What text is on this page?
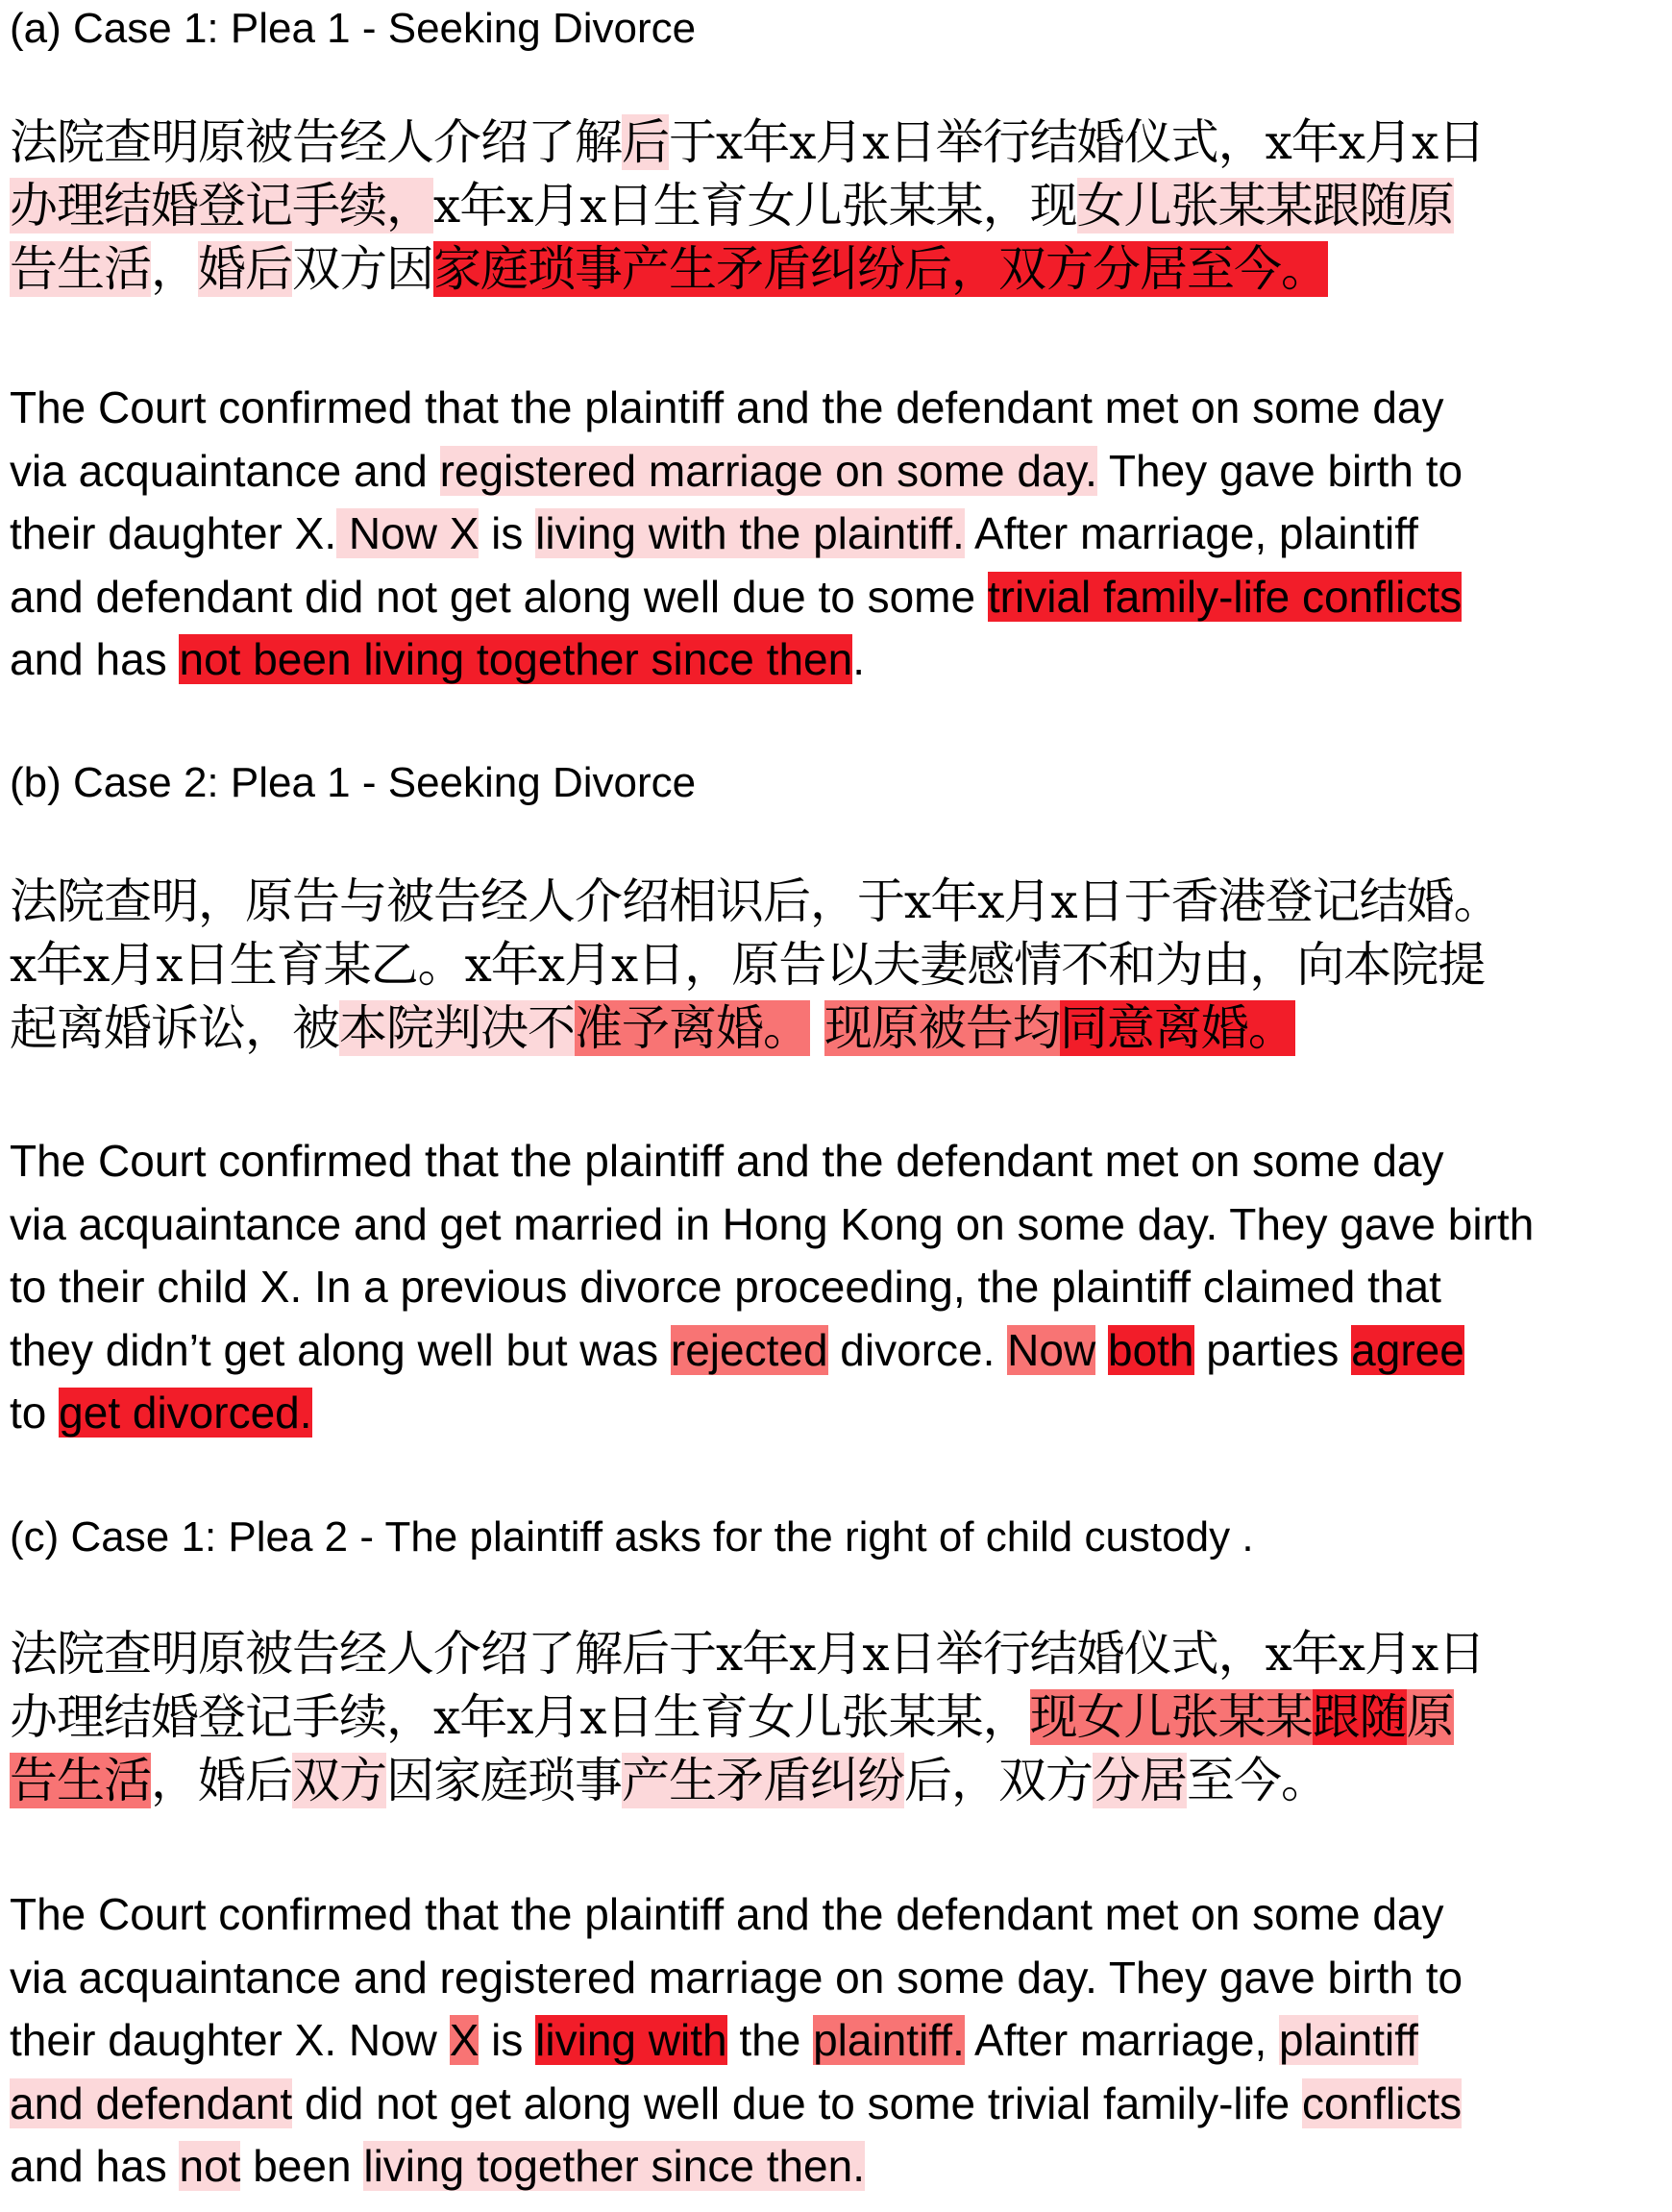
(a) Case 1: Plea 1 - Seeking Divorce
法院查明原被告经人介绍了解后于x年x月x日举行结婚仪式，x年x月x日
办理结婚登记手续，x年x月x日生育女儿张某某，现女儿张某某跟随原
告生活，婚后双方因家庭琐事产生矛盾纠纷后，双方分居至今。
The Court confirmed that the plaintiff and the defendant met on some day
via acquaintance and registered marriage on some day. They gave birth to
their daughter X. Now X is living with the plaintiff. After marriage, plaintiff
and defendant did not get along well due to some trivial family-life conflicts
and has not been living together since then.
(b) Case 2: Plea 1 - Seeking Divorce
法院查明，原告与被告经人介绍相识后，于x年x月x日于香港登记结婚。
x年x月x日生育某乙。x年x月x日，原告以夫妻感情不和为由，向本院提
起离婚诉讼，被本院判决不准予离婚。 现原被告均同意离婚。
The Court confirmed that the plaintiff and the defendant met on some day
via acquaintance and get married in Hong Kong on some day. They gave birth
to their child X. In a previous divorce proceeding, the plaintiff claimed that
they didn’t get along well but was rejected divorce. Now both parties agree
to get divorced.
(c) Case 1: Plea 2 - The plaintiff asks for the right of child custody .
法院查明原被告经人介绍了解后于x年x月x日举行结婚仪式，x年x月x日
办理结婚登记手续，x年x月x日生育女儿张某某，现女儿张某某跟随原
告生活，婚后双方因家庭琐事产生矛盾纠纷后，双方分居至今。
The Court confirmed that the plaintiff and the defendant met on some day
via acquaintance and registered marriage on some day. They gave birth to
their daughter X. Now X is living with the plaintiff. After marriage, plaintiff
and defendant did not get along well due to some trivial family-life conflicts
and has not been living together since then.
